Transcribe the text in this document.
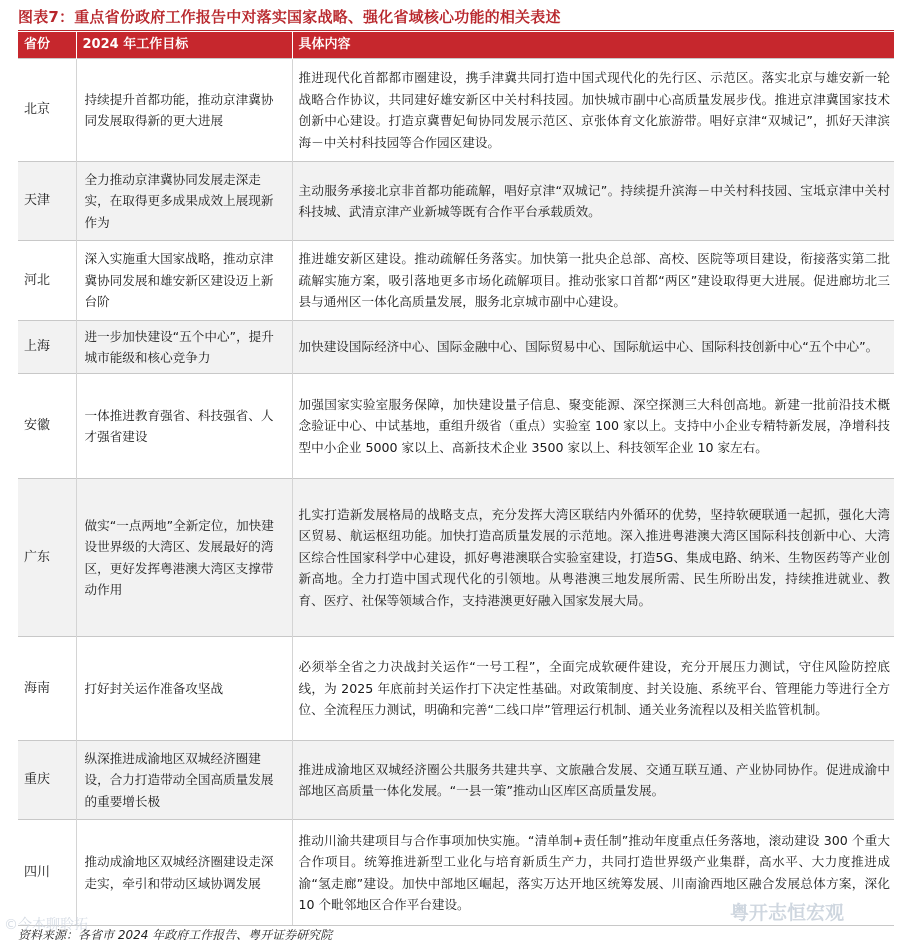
图表7：重点省份政府工作报告中对落实国家战略、强化省域核心功能的相关表述
省份	2024 年工作目标	具体内容
北京	持续提升首都功能，推动京津冀协同发展取得新的更大进展	推进现代化首都都市圈建设，携手津冀共同打造中国式现代化的先行区、示范区。落实北京与雄安新一轮战略合作协议，共同建好雄安新区中关村科技园。加快城市副中心高质量发展步伐。推进京津冀国家技术创新中心建设。打造京冀曹妃甸协同发展示范区、京张体育文化旅游带。唱好京津“双城记”，抓好天津滨海－中关村科技园等合作园区建设。
天津	全力推动京津冀协同发展走深走实，在取得更多成果成效上展现新作为	主动服务承接北京非首都功能疏解，唱好京津“双城记”。持续提升滨海－中关村科技园、宝坻京津中关村科技城、武清京津产业新城等既有合作平台承载质效。
河北	深入实施重大国家战略，推动京津冀协同发展和雄安新区建设迈上新台阶	推进雄安新区建设。推动疏解任务落实。加快第一批央企总部、高校、医院等项目建设，衔接落实第二批疏解实施方案，吸引落地更多市场化疏解项目。推动张家口首都“两区”建设取得更大进展。促进廊坊北三县与通州区一体化高质量发展，服务北京城市副中心建设。
上海	进一步加快建设“五个中心”，提升城市能级和核心竞争力	加快建设国际经济中心、国际金融中心、国际贸易中心、国际航运中心、国际科技创新中心“五个中心”。
安徽	一体推进教育强省、科技强省、人才强省建设	加强国家实验室服务保障，加快建设量子信息、聚变能源、深空探测三大科创高地。新建一批前沿技术概念验证中心、中试基地，重组升级省（重点）实验室 100 家以上。支持中小企业专精特新发展，净增科技型中小企业 5000 家以上、高新技术企业 3500 家以上、科技领军企业 10 家左右。
广东	做实“一点两地”全新定位，加快建设世界级的大湾区、发展最好的湾区，更好发挥粤港澳大湾区支撑带动作用	扎实打造新发展格局的战略支点，充分发挥大湾区联结内外循环的优势，坚持软硬联通一起抓，强化大湾区贸易、航运枢纽功能。加快打造高质量发展的示范地。深入推进粤港澳大湾区国际科技创新中心、大湾区综合性国家科学中心建设，抓好粤港澳联合实验室建设，打造5G、集成电路、纳米、生物医药等产业创新高地。全力打造中国式现代化的引领地。从粤港澳三地发展所需、民生所盼出发，持续推进就业、教育、医疗、社保等领域合作，支持港澳更好融入国家发展大局。
海南	打好封关运作准备攻坚战	必须举全省之力决战封关运作“一号工程”，全面完成软硬件建设，充分开展压力测试，守住风险防控底线，为 2025 年底前封关运作打下决定性基础。对政策制度、封关设施、系统平台、管理能力等进行全方位、全流程压力测试，明确和完善“二线口岸”管理运行机制、通关业务流程以及相关监管机制。
重庆	纵深推进成渝地区双城经济圈建设，合力打造带动全国高质量发展的重要增长极	推进成渝地区双城经济圈公共服务共建共享、文旅融合发展、交通互联互通、产业协同协作。促进成渝中部地区高质量一体化发展。“一县一策”推动山区库区高质量发展。
四川	推动成渝地区双城经济圈建设走深走实，牵引和带动区域协调发展	推动川渝共建项目与合作事项加快实施。“清单制+责任制”推动年度重点任务落地，滚动建设 300 个重大合作项目。统筹推进新型工业化与培育新质生产力，共同打造世界级产业集群，高水平、大力度推进成渝“氢走廊”建设。加快中部地区崛起，落实万达开地区统筹发展、川南渝西地区融合发展总体方案，深化 10 个毗邻地区合作平台建设。
资料来源：各省市 2024 年政府工作报告、粤开证券研究院
©今本聊聆拓
粤开志恒宏观
